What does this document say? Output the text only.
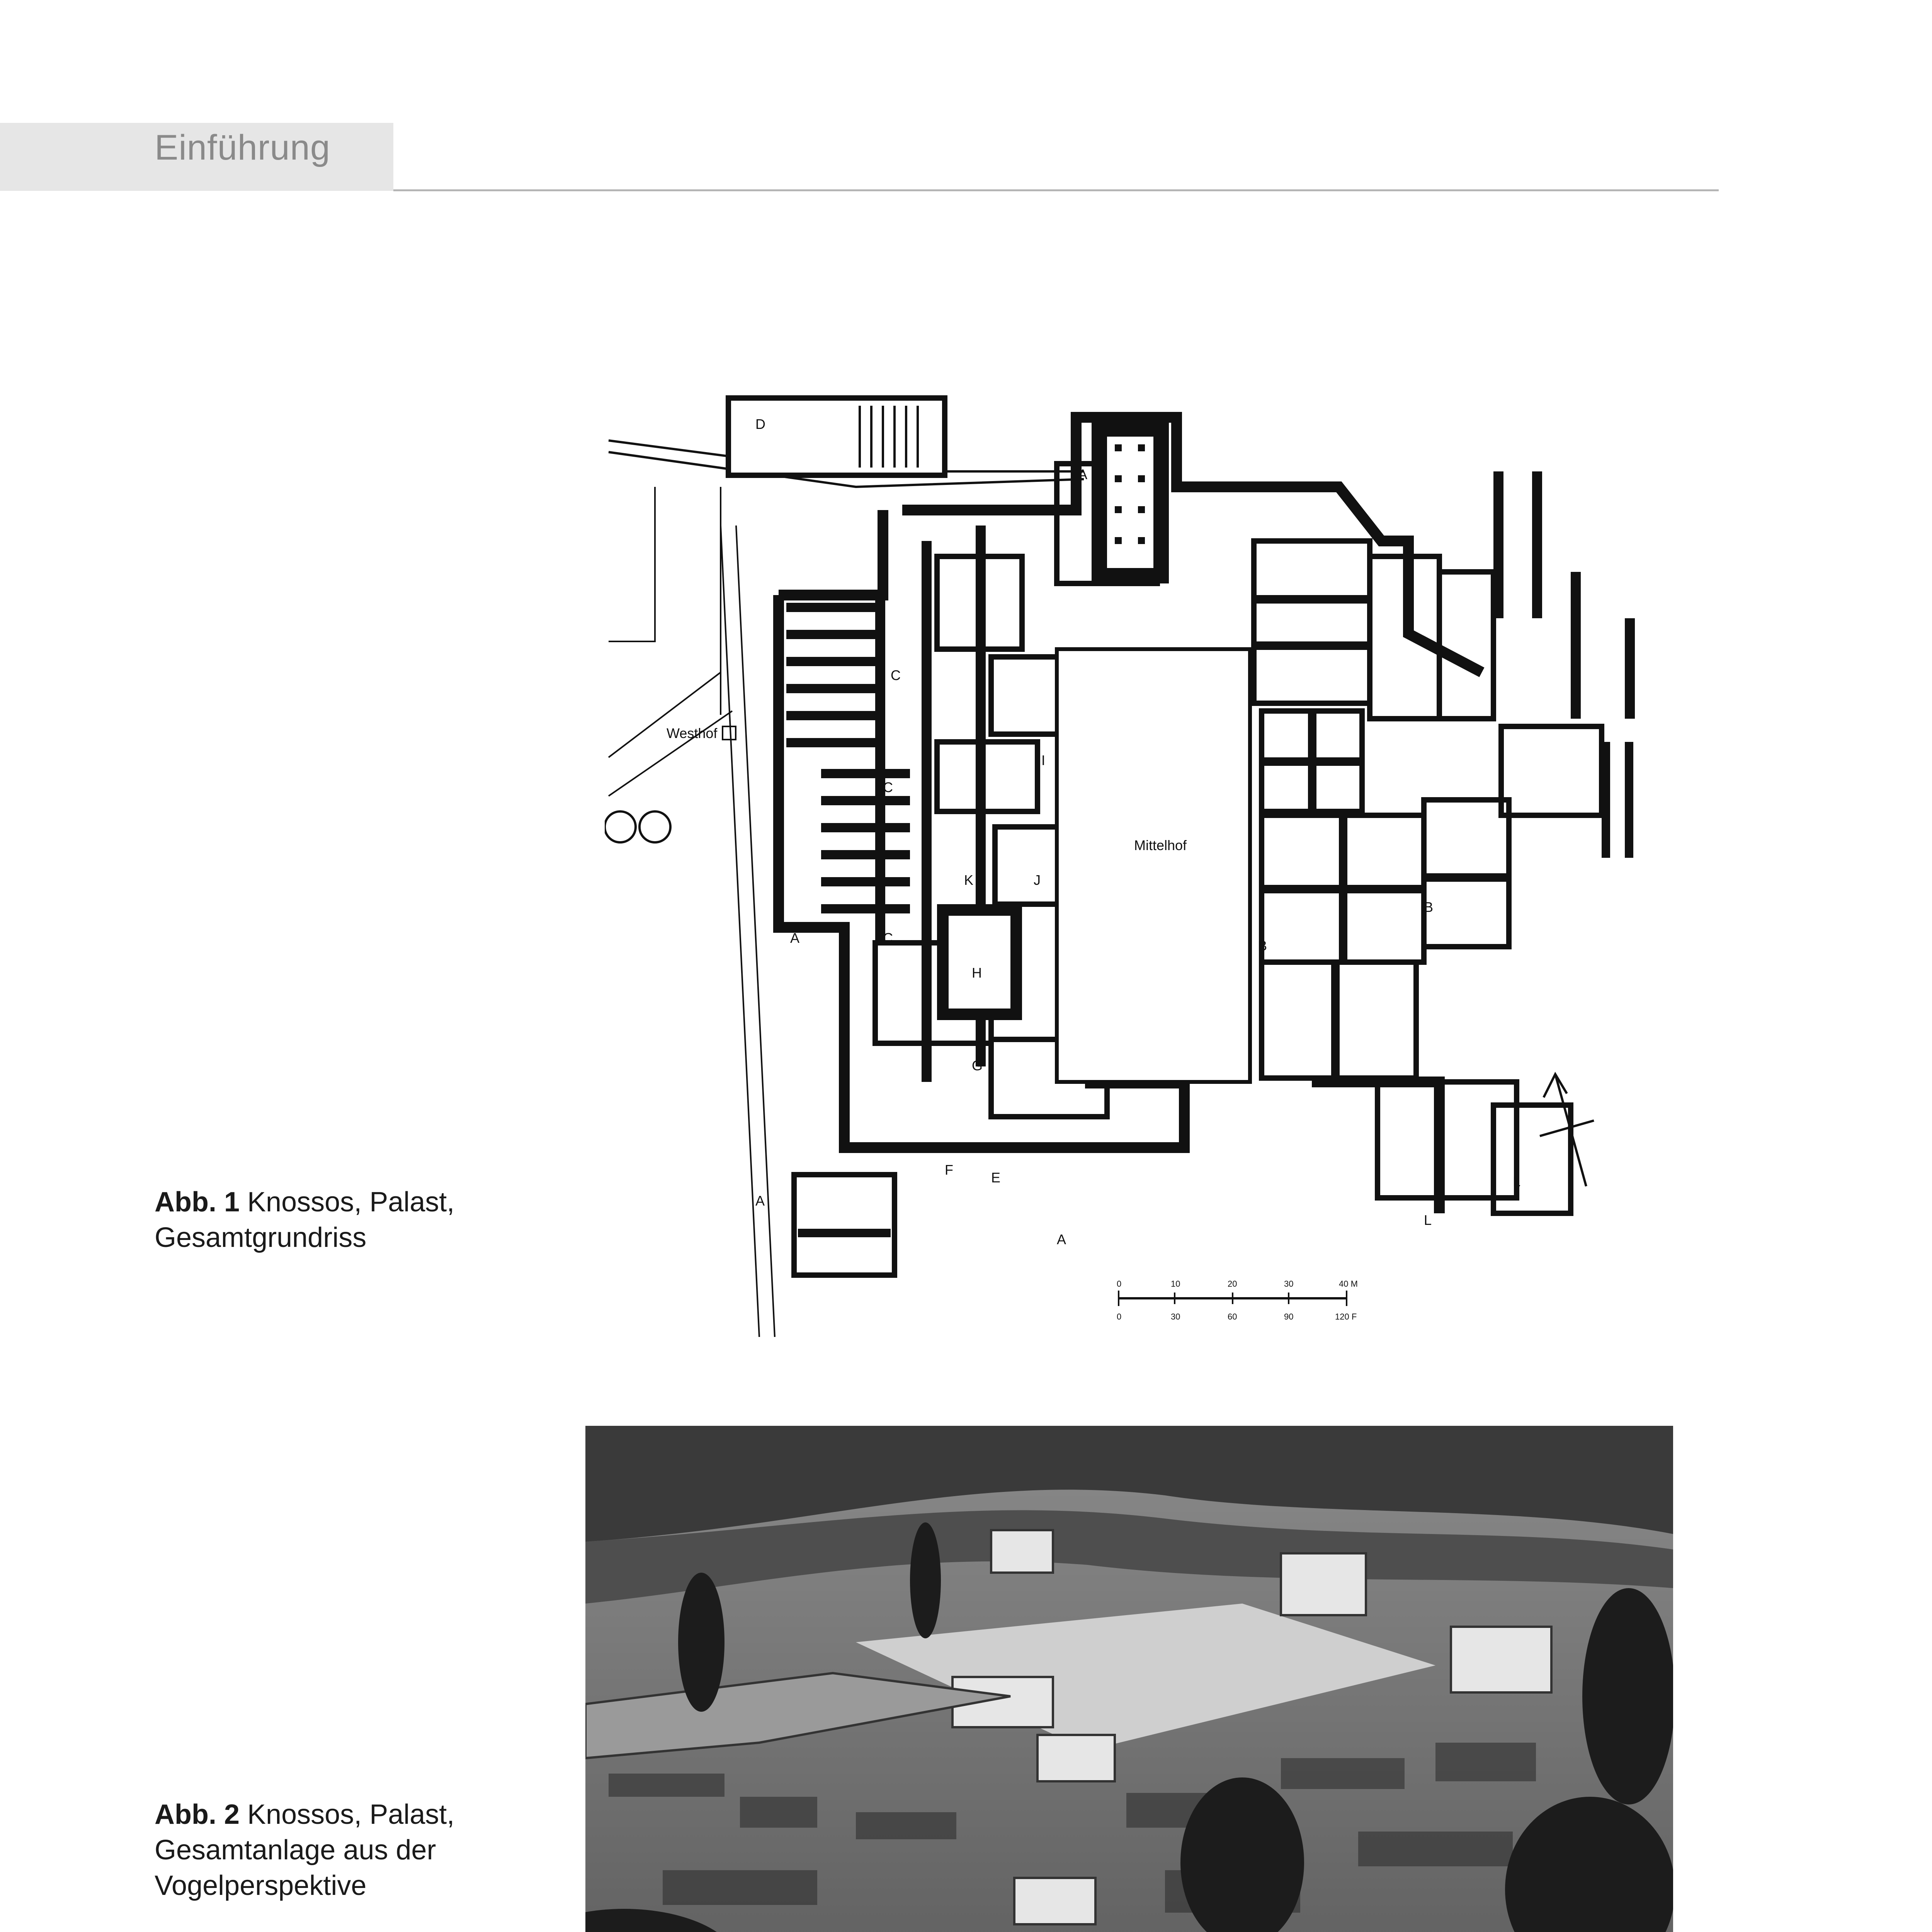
Einführung
Westhof
Mittelhof
D
A
C
C
C
A
H
G
F	E
A
A
K	J
I
B
B
L
L
0	10	20	30	40 M
0	30	60	90	120 F
Abb. 1 Knossos, Palast, Gesamtgrundriss
Abb. 2 Knossos, Palast,
Gesamtanlage aus der
Vogelperspektive
